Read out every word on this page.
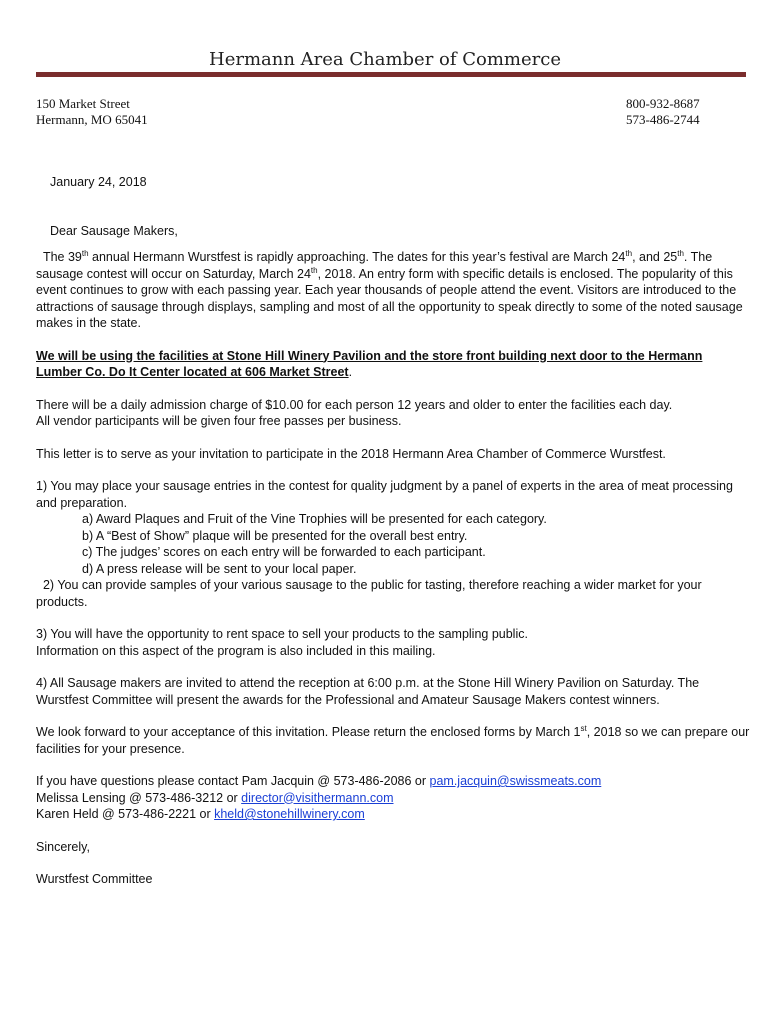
Hermann Area Chamber of Commerce
150 Market Street
Hermann, MO 65041
800-932-8687
573-486-2744

January 24, 2018

Dear Sausage Makers,

The 39th annual Hermann Wurstfest is rapidly approaching. The dates for this year’s festival are March 24th, and 25th. The sausage contest will occur on Saturday, March 24th, 2018. An entry form with specific details is enclosed. The popularity of this event continues to grow with each passing year. Each year thousands of people attend the event. Visitors are introduced to the attractions of sausage through displays, sampling and most of all the opportunity to speak directly to some of the noted sausage makes in the state.

We will be using the facilities at Stone Hill Winery Pavilion and the store front building next door to the Hermann Lumber Co. Do It Center located at 606 Market Street.

There will be a daily admission charge of $10.00 for each person 12 years and older to enter the facilities each day.

All vendor participants will be given four free passes per business.

This letter is to serve as your invitation to participate in the 2018 Hermann Area Chamber of Commerce Wurstfest.

1) You may place your sausage entries in the contest for quality judgment by a panel of experts in the area of meat processing and preparation.

a) Award Plaques and Fruit of the Vine Trophies will be presented for each category.

b) A “Best of Show” plaque will be presented for the overall best entry.

c) The judges’ scores on each entry will be forwarded to each participant.

d) A press release will be sent to your local paper.

2) You can provide samples of your various sausage to the public for tasting, therefore reaching a wider market for your products.

3) You will have the opportunity to rent space to sell your products to the sampling public.

Information on this aspect of the program is also included in this mailing.

4) All Sausage makers are invited to attend the reception at 6:00 p.m. at the Stone Hill Winery Pavilion on Saturday. The Wurstfest Committee will present the awards for the Professional and Amateur Sausage Makers contest winners.

We look forward to your acceptance of this invitation. Please return the enclosed forms by March 1st, 2018 so we can prepare our facilities for your presence.

If you have questions please contact Pam Jacquin @ 573-486-2086 or pam.jacquin@swissmeats.com

Melissa Lensing @ 573-486-3212 or director@visithermann.com

Karen Held @ 573-486-2221 or kheld@stonehillwinery.com

Sincerely,

Wurstfest Committee
